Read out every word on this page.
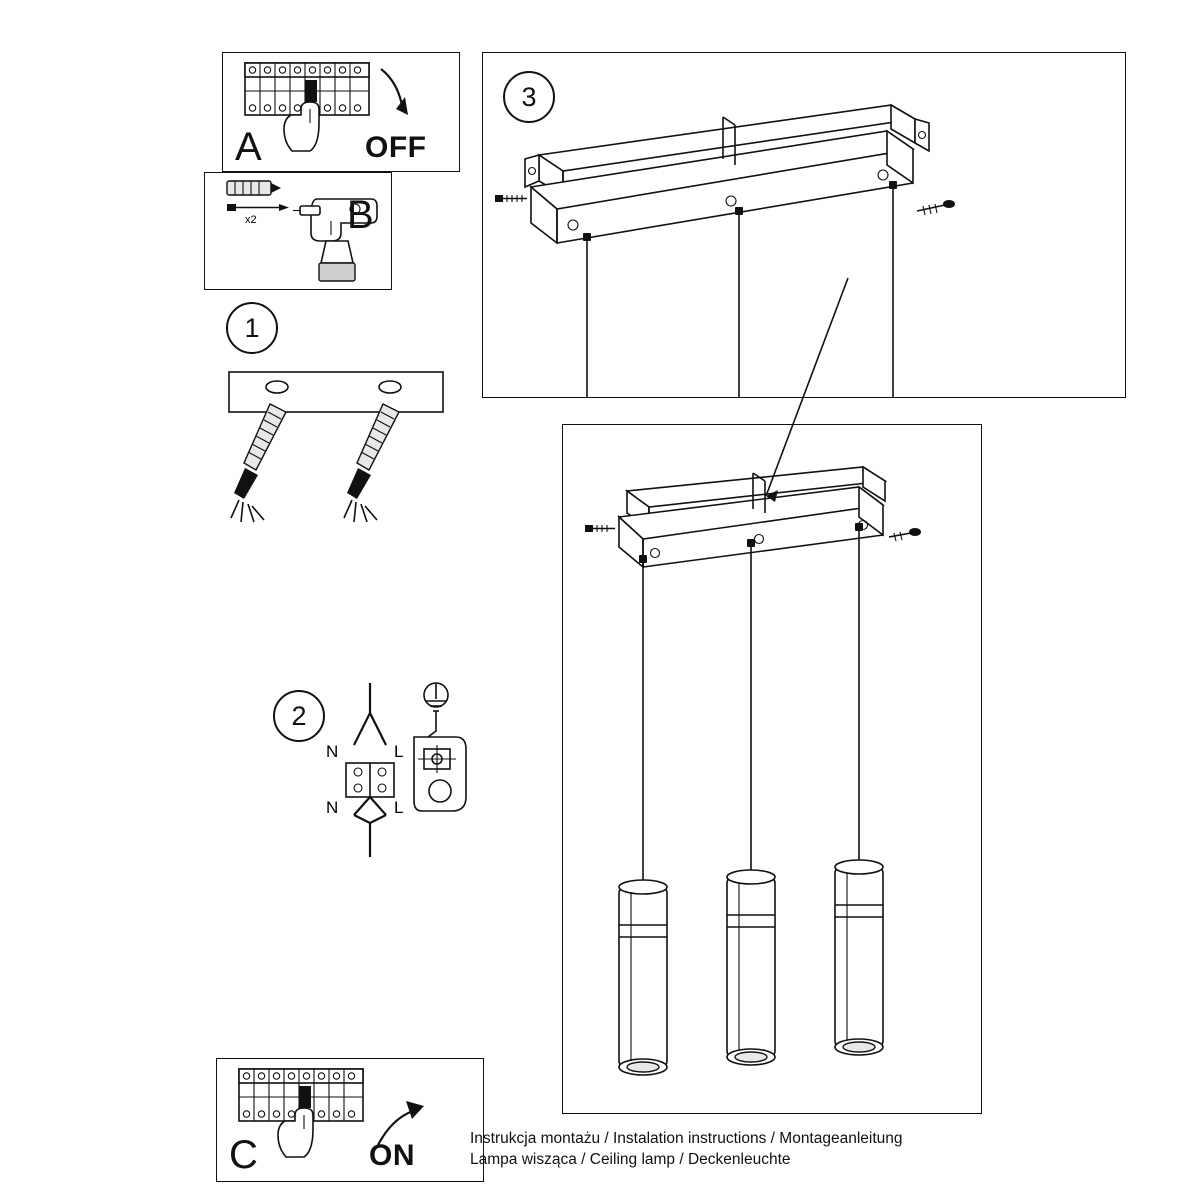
A	OFF
x2 B
1
2
N	L
N	L
3
C	ON
Instrukcja montażu / Instalation instructions / Montageanleitung
Lampa wisząca / Ceiling lamp / Deckenleuchte
